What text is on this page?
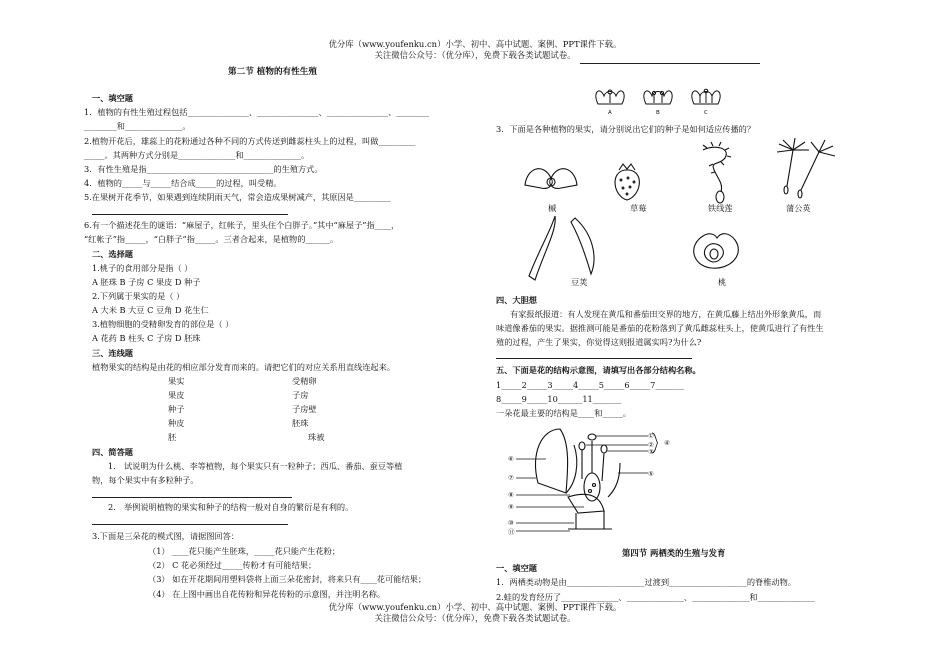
优分库（www.youfenku.cn）小学、初中、高中试题、案例、PPT课件下载。
关注微信公众号：（优分库），免费下载各类试题试卷。
第二节 植物的有性生殖
一、填空题
1．植物的有性生殖过程包括_______________、_______________、_______________、________
________和______________。
2.植物开花后，雄蕊上的花粉通过各种不同的方式传送到雌蕊柱头上的过程，叫做_________
_____。其两种方式分别是______________和______________。
3．有性生殖是指_______________________________的生殖方式。
4．植物的_____与_____结合成_____的过程，叫受精。
5.在果树开花季节，如果遇到连续阴雨天气，常会造成果树减产，其原因是_________
6.有一个描述花生的谜语：“麻屋子，红帐子，里头住个白胖子。”其中“麻屋子”指____，
“红帐子”指_____，“白胖子”指_____。三者合起来，是植物的______。
二、选择题
1.桃子的食用部分是指（ ）
A 胚珠 B 子房 C 果皮 D 种子
2.下列属于果实的是（ ）
A 大米 B 大豆 C 豆角 D 花生仁
3.植物细胞的受精卵发育的部位是（ ）
A 花药 B 柱头 C 子房 D 胚珠
三、连线题
植物果实的结构是由花的相应部分发育而来的。请把它们的对应关系用直线连起来。
果实
果皮
种子
种皮
胚
受精卵
子房
子房壁
胚珠
珠被
四、简答题
1． 试说明为什么桃、李等植物，每个果实只有一粒种子；西瓜、番茄、蚕豆等植
物，每个果实中有多粒种子。
2． 举例说明植物的果实和种子的结构一般对自身的繁衍是有利的。
3.下面是三朵花的模式图，请据图回答：
（1） ____花只能产生胚珠，_____花只能产生花粉；
（2） C 花必须经过_____传粉才有可能结果；
（3） 如在开花期间用塑料袋将上面三朵花密封，将来只有____花可能结果；
（4） 在上图中画出自花传粉和异花传粉的示意图，并注明名称。
A	B	C
3．下面是各种植物的果实，请分别说出它们的种子是如何适应传播的？
槭	草莓	铁线莲	蒲公英
豆荚	桃
四、大胆想
有家报纸报道：有人发现在黄瓜和番茄田交界的地方，在黄瓜藤上结出外形象黄瓜，而
味道像番茄的果实。据推测可能是番茄的花粉落到了黄瓜雌蕊柱头上，使黄瓜进行了有性生
殖的过程，产生了果实，你觉得这则报道属实吗?为什么?
五、下面是花的结构示意图，请填写出各部分结构名称。
1_____2_____3_____4_____5_____6_____7_______
8_____9_____10______11_______
一朵花最主要的结构是____和_____。
①
②
③
④
⑤
⑥
⑦
⑧
⑨
⑩
⑪
第四节 两栖类的生殖与发育
一、填空题
1．两栖类动物是由___________________过渡到___________________的脊椎动物。
2.蛙的发育经历了______________、______________、______________和______________
优分库（www.youfenku.cn）小学、初中、高中试题、案例、PPT课件下载。
关注微信公众号：（优分库），免费下载各类试题试卷。
